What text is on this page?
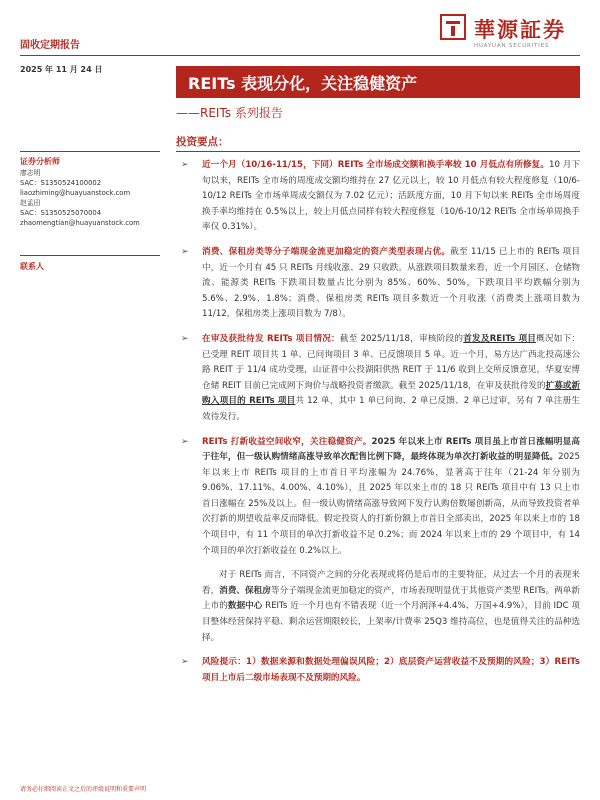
固收定期报告
華源証券
HUAYUAN SECURITIES
2025 年 11 月 24 日
REITs 表现分化，关注稳健资产
——REITs 系列报告
投资要点：
证券分析师
廖志明
SAC：S1350524100002
liaozhiming@huayuanstock.com
赵孟田
SAC：S1350525070004
zhaomengtian@huayuanstock.com
联系人
➢ 近一个月（10/16-11/15，下同）REITs 全市场成交额和换手率较 10 月低点有所修复。10 月下旬以来，REITs 全市场的周度成交额均维持在 27 亿元以上，较 10 月低点有较大程度修复（10/6-10/12 REITs 全市场单周成交额仅为 7.02 亿元）；活跃度方面，10 月下旬以来 REITs 全市场周度换手率均维持在 0.5%以上，较上月低点同样有较大程度修复（10/6-10/12 REITs 全市场单周换手率仅 0.31%）。
➢ 消费、保租房类等分子端现金流更加稳定的资产类型表现占优。截至 11/15 已上市的 REITs 项目中，近一个月有 45 只 REITs 月线收涨、29 只收跌。从涨跌项目数量来看，近一个月园区、仓储物流、能源类 REITs 下跌项目数量占比分别为 85%、60%、50%，下跌项目平均跌幅分别为 5.6%、2.9%、1.8%；消费、保租房类 REITs 项目多数近一个月收涨（消费类上涨项目数为 11/12，保租房类上涨项目数为 7/8）。
➢ 在审及获批待发 REITs 项目情况：截至 2025/11/18，审核阶段的首发及REITs 项目概况如下：已受理 REIT 项目共 1 单、已问询项目 3 单、已反馈项目 5 单。近一个月，易方达广西北投高速公路 REIT 于 11/4 成功受理，山证晋中公投湖阳供热 REIT 于 11/6 收到上交所反馈意见，华夏安博仓储 REIT 目前已完成网下询价与战略投资者缴款。截至 2025/11/18，在审及获批待发的扩募或新购入项目的 REITs 项目共 12 单，其中 1 单已问询、2 单已反馈、2 单已过审，另有 7 单注册生效待发行。
➢ REITs 打新收益空间收窄，关注稳健资产。2025 年以来上市 REITs 项目虽上市首日涨幅明显高于往年，但一级认购情绪高涨导致单次配售比例下降，最终体现为单次打新收益的明显降低。2025 年以来上市 REITs 项目的上市首日平均涨幅为 24.76%，显著高于往年（21-24 年分别为 9.06%、17.11%、4.00%、4.10%），且 2025 年以来上市的 18 只 REITs 项目中有 13 只上市首日涨幅在 25%及以上。但一级认购情绪高涨导致网下发行认购倍数屡创新高，从而导致投资者单次打新的期望收益率反而降低。假定投资人的打新份额上市首日全部卖出，2025 年以来上市的 18 个项目中，有 11 个项目的单次打新收益不足 0.2%；而 2024 年以来上市的 29 个项目中，有 14 个项目的单次打新收益在 0.2%以上。
对于 REITs 而言，不同资产之间的分化表现或将仍是后市的主要特征，从过去一个月的表现来看，消费、保租房等分子端现金流更加稳定的资产，市场表现明显优于其他资产类型 REITs。两单新上市的数据中心 REITs 近一个月也有不错表现（近一个月润泽+4.4%、万国+4.9%），目前 IDC 项目整体经营保持平稳、剩余运营期限较长，上架率/计费率 25Q3 维持高位，也是值得关注的品种选择。
➢ 风险提示：1）数据来源和数据处理偏误风险；2）底层资产运营收益不及预期的风险；3）REITs 项目上市后二级市场表现不及预期的风险。
请务必仔细阅读正文之后的评级说明和重要声明
